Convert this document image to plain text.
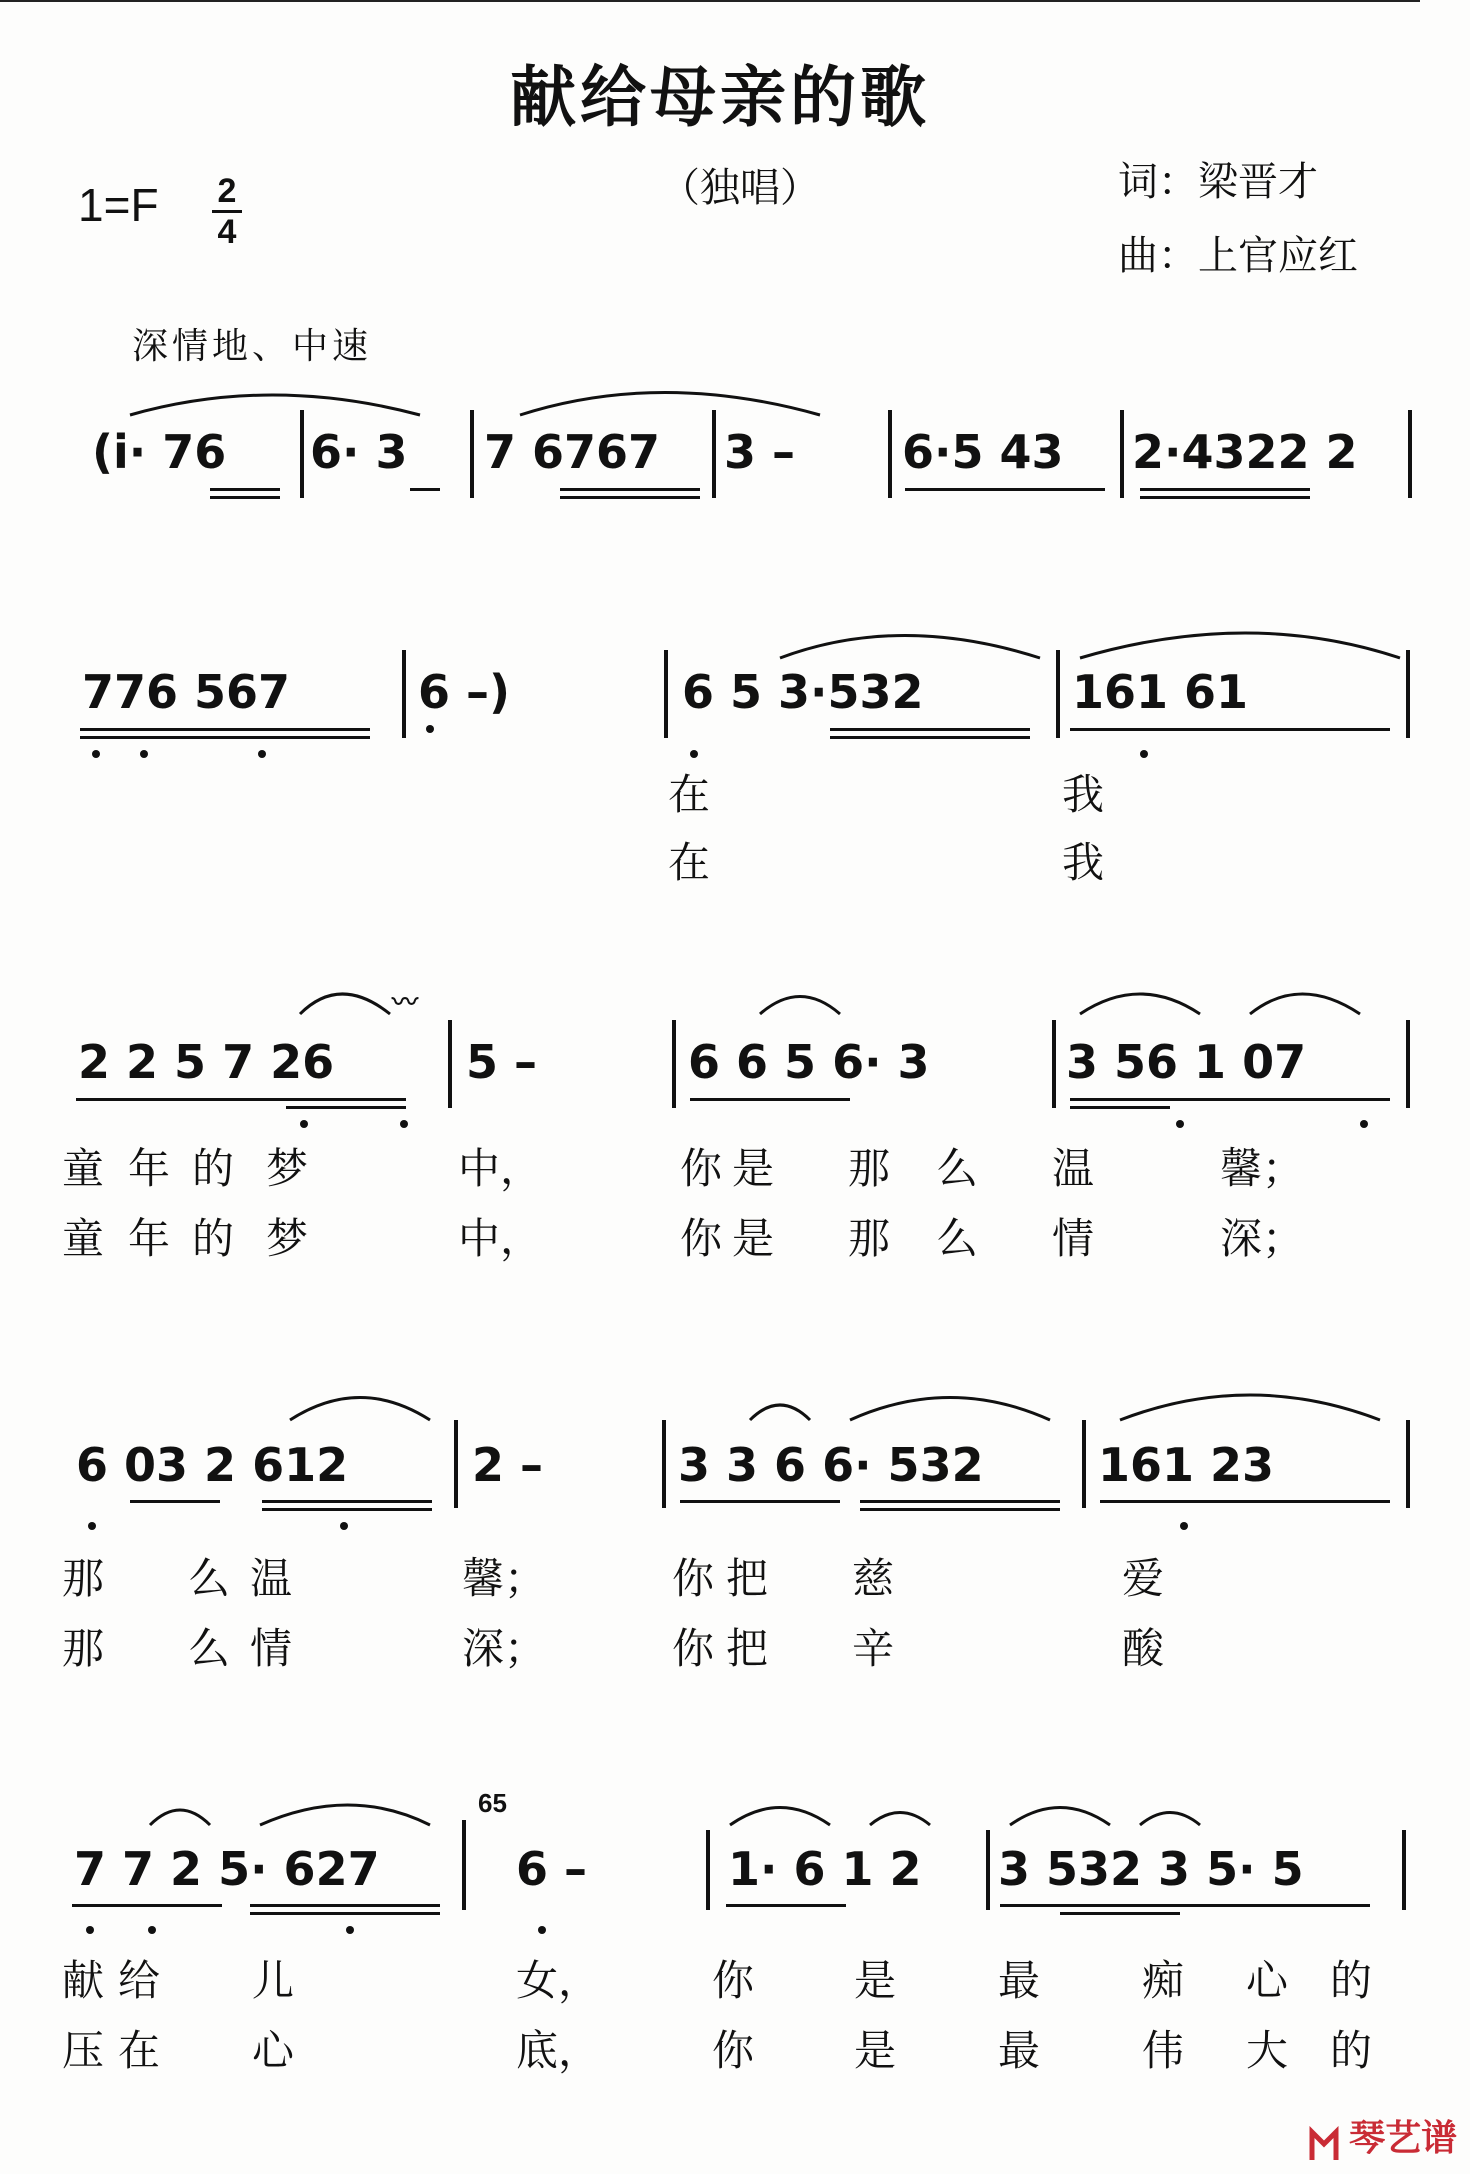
献给母亲的歌
（独唱）	词：梁晋才
曲：上官应红
1=F 2
4
深情地、中速
(i· 76 6· 3 7 6767 3 – 6·5 43 2·4322 2
776 567	6 –)	6 5 3·532	161 61
在	我
在	我
〰
2 2 5 7 26	5 –	6 6 5 6· 3	3 56 1 07
童 年 的 梦	中，	你 是 那 么 温	馨；
童 年 的 梦	中，	你 是 那 么 情	深；
6 03 2 612	2 –	3 3 6 6· 532 161 23
那 么 温	馨；	你 把 慈	爱
那 么 情	深；	你 把 辛	酸
65
7 7 2 5· 627	6 –	1· 6 1 2 3 532 3 5· 5
献 给 儿	女，	你 是 最 痴 心 的
压 在 心	底，	你 是 最 伟 大 的
琴艺谱
